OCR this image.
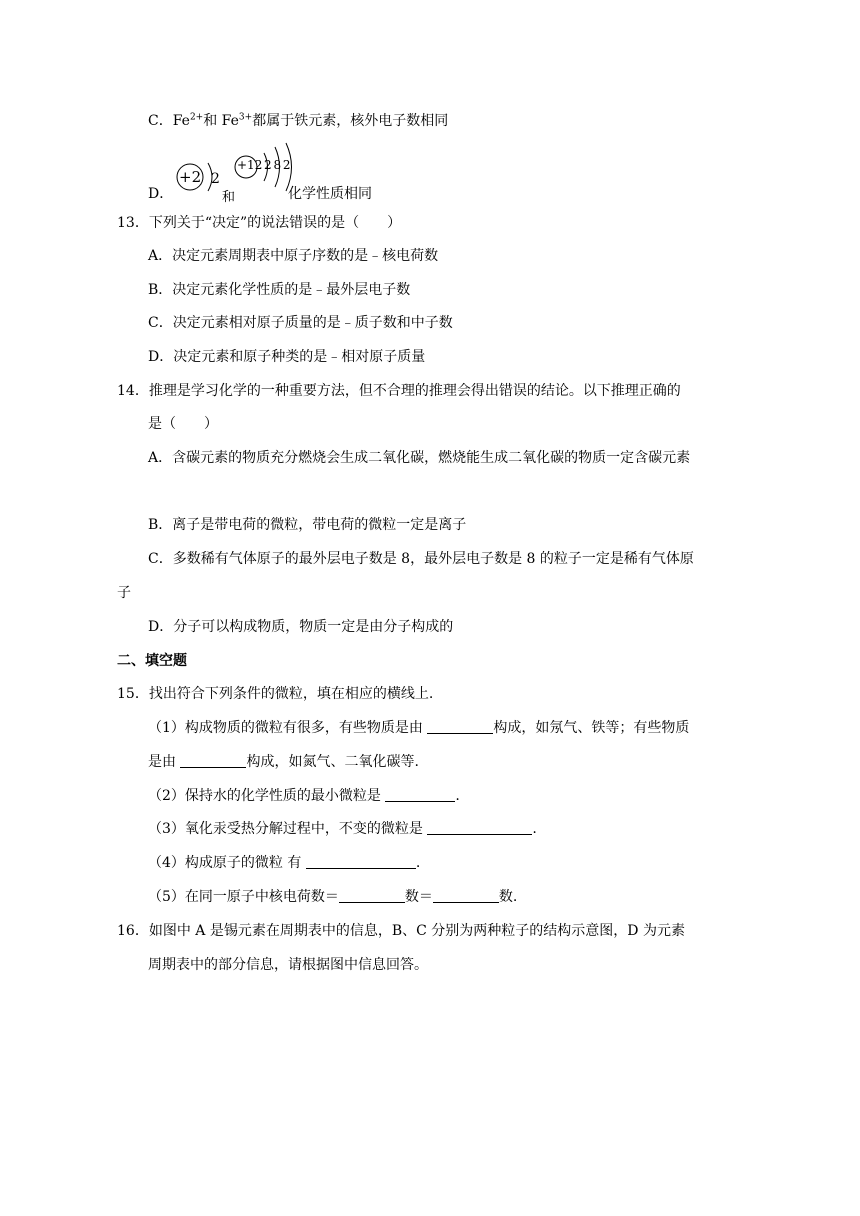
C．$Fe^{2+}$和 $Fe^{3+}$都属于铁元素，核外电子数相同
D．
+2 2
和
+12 2 8 2
化学性质相同
13．下列关于“决定”的说法错误的是（　　）
A．决定元素周期表中原子序数的是﹣核电荷数
B．决定元素化学性质的是﹣最外层电子数
C．决定元素相对原子质量的是﹣质子数和中子数
D．决定元素和原子种类的是﹣相对原子质量
14．推理是学习化学的一种重要方法，但不合理的推理会得出错误的结论。以下推理正确的
是（　　）
A．含碳元素的物质充分燃烧会生成二氧化碳，燃烧能生成二氧化碳的物质一定含碳元素
B．离子是带电荷的微粒，带电荷的微粒一定是离子
C．多数稀有气体原子的最外层电子数是 8，最外层电子数是 8 的粒子一定是稀有气体原
子
D．分子可以构成物质，物质一定是由分子构成的
二、填空题
15．找出符合下列条件的微粒，填在相应的横线上.
（1）构成物质的微粒有很多，有些物质是由	构成，如氖气、铁等；有些物质
是由	构成，如氮气、二氧化碳等.
（2）保持水的化学性质的最小微粒是	.
（3）氧化汞受热分解过程中，不变的微粒是	.
（4）构成原子的微粒 有	.
（5）在同一原子中核电荷数＝	数＝	数.
16．如图中 A 是锡元素在周期表中的信息，B、C 分别为两种粒子的结构示意图，D 为元素
周期表中的部分信息，请根据图中信息回答。
